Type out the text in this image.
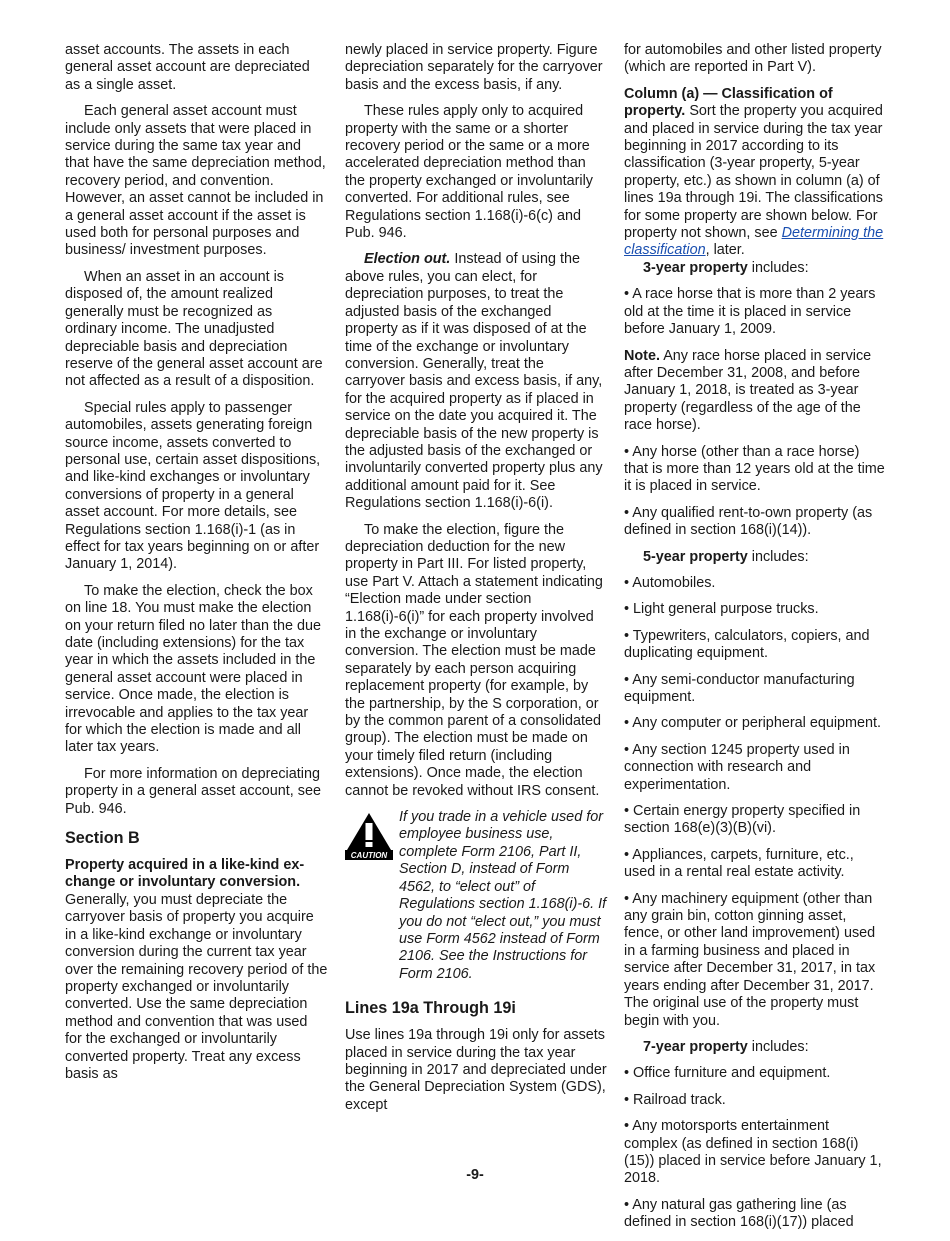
asset accounts. The assets in each general asset account are depreciated as a single asset.

Each general asset account must include only assets that were placed in service during the same tax year and that have the same depreciation method, recovery period, and convention. However, an asset cannot be included in a general asset account if the asset is used both for personal purposes and business/ investment purposes.

When an asset in an account is disposed of, the amount realized generally must be recognized as ordinary income. The unadjusted depreciable basis and depreciation reserve of the general asset account are not affected as a result of a disposition.

Special rules apply to passenger automobiles, assets generating foreign source income, assets converted to personal use, certain asset dispositions, and like-kind exchanges or involuntary conversions of property in a general asset account. For more details, see Regulations section 1.168(i)-1 (as in effect for tax years beginning on or after January 1, 2014).

To make the election, check the box on line 18. You must make the election on your return filed no later than the due date (including extensions) for the tax year in which the assets included in the general asset account were placed in service. Once made, the election is irrevocable and applies to the tax year for which the election is made and all later tax years.

For more information on depreciating property in a general asset account, see Pub. 946.

Section B

Property acquired in a like-kind ex-change or involuntary conversion. Generally, you must depreciate the carryover basis of property you acquire in a like-kind exchange or involuntary conversion during the current tax year over the remaining recovery period of the property exchanged or involuntarily converted. Use the same depreciation method and convention that was used for the exchanged or involuntarily converted property. Treat any excess basis as

newly placed in service property. Figure depreciation separately for the carryover basis and the excess basis, if any.

These rules apply only to acquired property with the same or a shorter recovery period or the same or a more accelerated depreciation method than the property exchanged or involuntarily converted. For additional rules, see Regulations section 1.168(i)-6(c) and Pub. 946.

Election out. Instead of using the above rules, you can elect, for depreciation purposes, to treat the adjusted basis of the exchanged property as if it was disposed of at the time of the exchange or involuntary conversion. Generally, treat the carryover basis and excess basis, if any, for the acquired property as if placed in service on the date you acquired it. The depreciable basis of the new property is the adjusted basis of the exchanged or involuntarily converted property plus any additional amount paid for it. See Regulations section 1.168(i)-6(i).

To make the election, figure the depreciation deduction for the new property in Part III. For listed property, use Part V. Attach a statement indicating “Election made under section 1.168(i)-6(i)” for each property involved in the exchange or involuntary conversion. The election must be made separately by each person acquiring replacement property (for example, by the partnership, by the S corporation, or by the common parent of a consolidated group). The election must be made on your timely filed return (including extensions). Once made, the election cannot be revoked without IRS consent.

CAUTION
If you trade in a vehicle used for employee business use, complete Form 2106, Part II, Section D, instead of Form 4562, to “elect out” of Regulations section 1.168(i)-6. If you do not “elect out,” you must use Form 4562 instead of Form 2106. See the Instructions for Form 2106.
Lines 19a Through 19i

Use lines 19a through 19i only for assets placed in service during the tax year beginning in 2017 and depreciated under the General Depreciation System (GDS), except

for automobiles and other listed property (which are reported in Part V).

Column (a) — Classification of property. Sort the property you acquired and placed in service during the tax year beginning in 2017 according to its classification (3-year property, 5-year property, etc.) as shown in column (a) of lines 19a through 19i. The classifications for some property are shown below. For property not shown, see Determining the classification, later.

3-year property includes:

• A race horse that is more than 2 years old at the time it is placed in service before January 1, 2009.

Note. Any race horse placed in service after December 31, 2008, and before January 1, 2018, is treated as 3-year property (regardless of the age of the race horse).

• Any horse (other than a race horse) that is more than 12 years old at the time it is placed in service.

• Any qualified rent-to-own property (as defined in section 168(i)(14)).

5-year property includes:

• Automobiles.

• Light general purpose trucks.

• Typewriters, calculators, copiers, and duplicating equipment.

• Any semi-conductor manufacturing equipment.

• Any computer or peripheral equipment.

• Any section 1245 property used in connection with research and experimentation.

• Certain energy property specified in section 168(e)(3)(B)(vi).

• Appliances, carpets, furniture, etc., used in a rental real estate activity.

• Any machinery equipment (other than any grain bin, cotton ginning asset, fence, or other land improvement) used in a farming business and placed in service after December 31, 2017, in tax years ending after December 31, 2017. The original use of the property must begin with you.

7-year property includes:

• Office furniture and equipment.

• Railroad track.

• Any motorsports entertainment complex (as defined in section 168(i) (15)) placed in service before January 1, 2018.

• Any natural gas gathering line (as defined in section 168(i)(17)) placed

-9-
